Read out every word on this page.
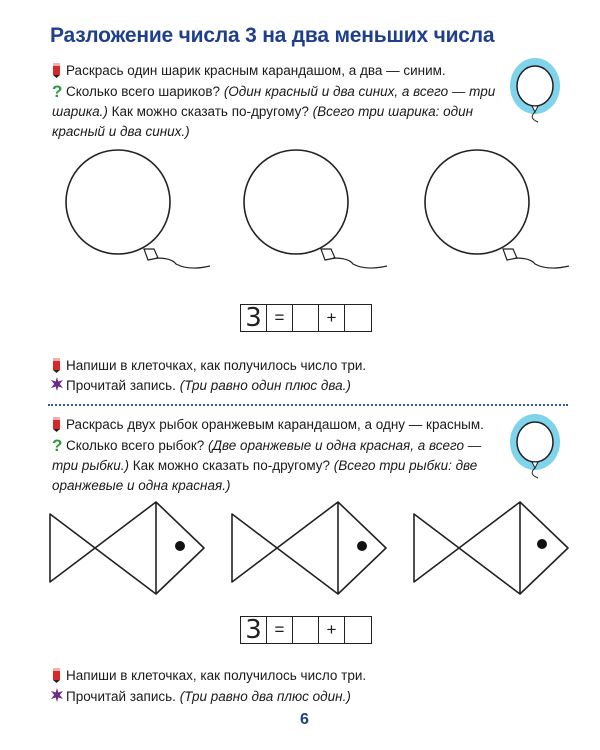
Разложение числа 3 на два меньших числа
Раскрась один шарик красным карандашом, а два — синим.
? Сколько всего шариков? (Один красный и два синих, а всего — три
шарика.) Как можно сказать по-другому? (Всего три шарика: один
красный и два синих.)
3 =	+
Напиши в клеточках, как получилось число три.
Прочитай запись. (Три равно один плюс два.)
Раскрась двух рыбок оранжевым карандашом, а одну — красным.
? Сколько всего рыбок? (Две оранжевые и одна красная, а всего —
три рыбки.) Как можно сказать по-другому? (Всего три рыбки: две
оранжевые и одна красная.)
3 =	+
Напиши в клеточках, как получилось число три.
Прочитай запись. (Три равно два плюс один.)
6
